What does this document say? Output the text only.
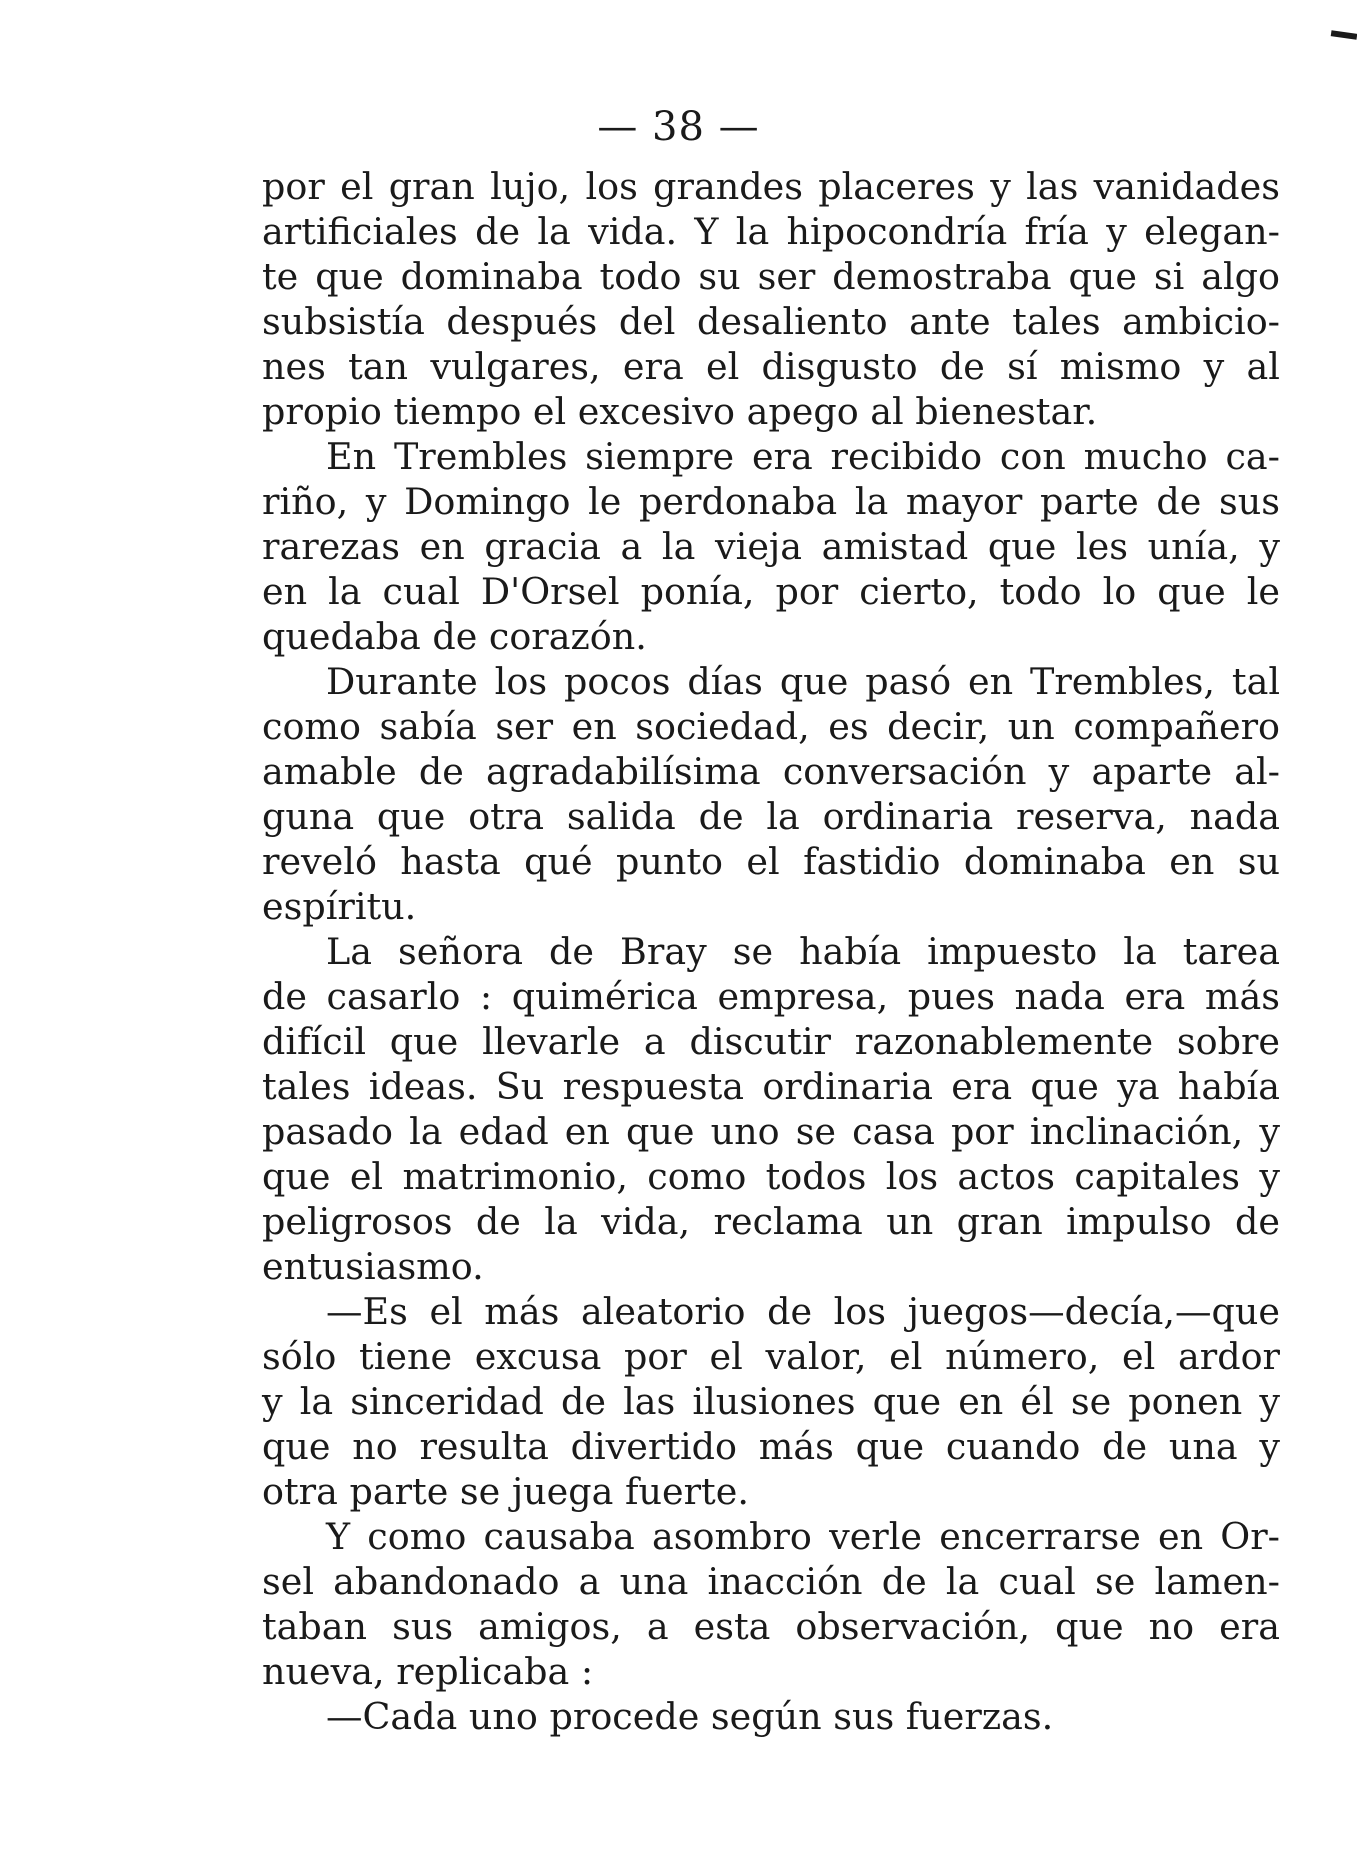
— 38 —
por el gran lujo, los grandes placeres y las vanidades
artificiales de la vida. Y la hipocondría fría y elegan-
te que dominaba todo su ser demostraba que si algo
subsistía después del desaliento ante tales ambicio-
nes tan vulgares, era el disgusto de sí mismo y al
propio tiempo el excesivo apego al bienestar.
En Trembles siempre era recibido con mucho ca-
riño, y Domingo le perdonaba la mayor parte de sus
rarezas en gracia a la vieja amistad que les unía, y
en la cual D'Orsel ponía, por cierto, todo lo que le
quedaba de corazón.
Durante los pocos días que pasó en Trembles, tal
como sabía ser en sociedad, es decir, un compañero
amable de agradabilísima conversación y aparte al-
guna que otra salida de la ordinaria reserva, nada
reveló hasta qué punto el fastidio dominaba en su
espíritu.
La señora de Bray se había impuesto la tarea
de casarlo : quimérica empresa, pues nada era más
difícil que llevarle a discutir razonablemente sobre
tales ideas. Su respuesta ordinaria era que ya había
pasado la edad en que uno se casa por inclinación, y
que el matrimonio, como todos los actos capitales y
peligrosos de la vida, reclama un gran impulso de
entusiasmo.
—Es el más aleatorio de los juegos—decía,—que
sólo tiene excusa por el valor, el número, el ardor
y la sinceridad de las ilusiones que en él se ponen y
que no resulta divertido más que cuando de una y
otra parte se juega fuerte.
Y como causaba asombro verle encerrarse en Or-
sel abandonado a una inacción de la cual se lamen-
taban sus amigos, a esta observación, que no era
nueva, replicaba :
—Cada uno procede según sus fuerzas.
